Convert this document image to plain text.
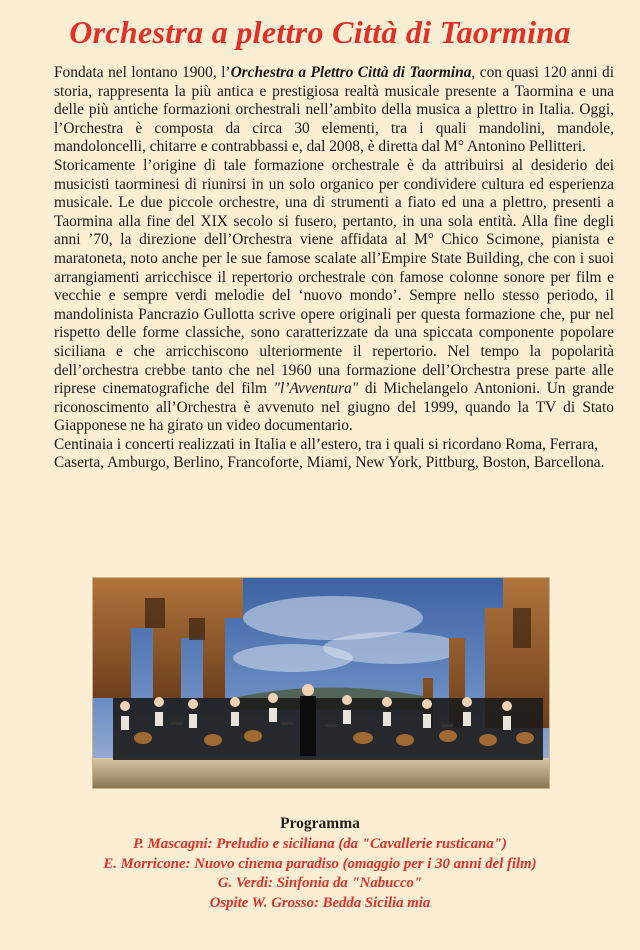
Orchestra a plettro Città di Taormina

Fondata nel lontano 1900, l’Orchestra a Plettro Città di Taormina, con quasi 120 anni di storia, rappresenta la più antica e prestigiosa realtà musicale presente a Taormina e una delle più antiche formazioni orchestrali nell’ambito della musica a plettro in Italia. Oggi, l’Orchestra è composta da circa 30 elementi, tra i quali mandolini, mandole, mandoloncelli, chitarre e contrabbassi e, dal 2008, è diretta dal M° Antonino Pellitteri.

Storicamente l’origine di tale formazione orchestrale è da attribuirsi al desiderio dei musicisti taorminesi di riunirsi in un solo organico per condividere cultura ed esperienza musicale. Le due piccole orchestre, una di strumenti a fiato ed una a plettro, presenti a Taormina alla fine del XIX secolo si fusero, pertanto, in una sola entità. Alla fine degli anni ’70, la direzione dell’Orchestra viene affidata al M° Chico Scimone, pianista e maratoneta, noto anche per le sue famose scalate all’Empire State Building, che con i suoi arrangiamenti arricchisce il repertorio orchestrale con famose colonne sonore per film e vecchie e sempre verdi melodie del ‘nuovo mondo’. Sempre nello stesso periodo, il mandolinista Pancrazio Gullotta scrive opere originali per questa formazione che, pur nel rispetto delle forme classiche, sono caratterizzate da una spiccata componente popolare siciliana e che arricchiscono ulteriormente il repertorio. Nel tempo la popolarità dell’orchestra crebbe tanto che nel 1960 una formazione dell’Orchestra prese parte alle riprese cinematografiche del film "l’Avventura" di Michelangelo Antonioni. Un grande riconoscimento all’Orchestra è avvenuto nel giugno del 1999, quando la TV di Stato Giapponese ne ha girato un video documentario.

Centinaia i concerti realizzati in Italia e all’estero, tra i quali si ricordano Roma, Ferrara, Caserta, Amburgo, Berlino, Francoforte, Miami, New York, Pittburg, Boston, Barcellona.

Programma
P. Mascagni: Preludio e siciliana (da "Cavallerie rusticana")
E. Morricone: Nuovo cinema paradiso (omaggio per i 30 anni del film)
G. Verdi: Sinfonia da "Nabucco"
Ospite W. Grosso: Bedda Sicilia mia
